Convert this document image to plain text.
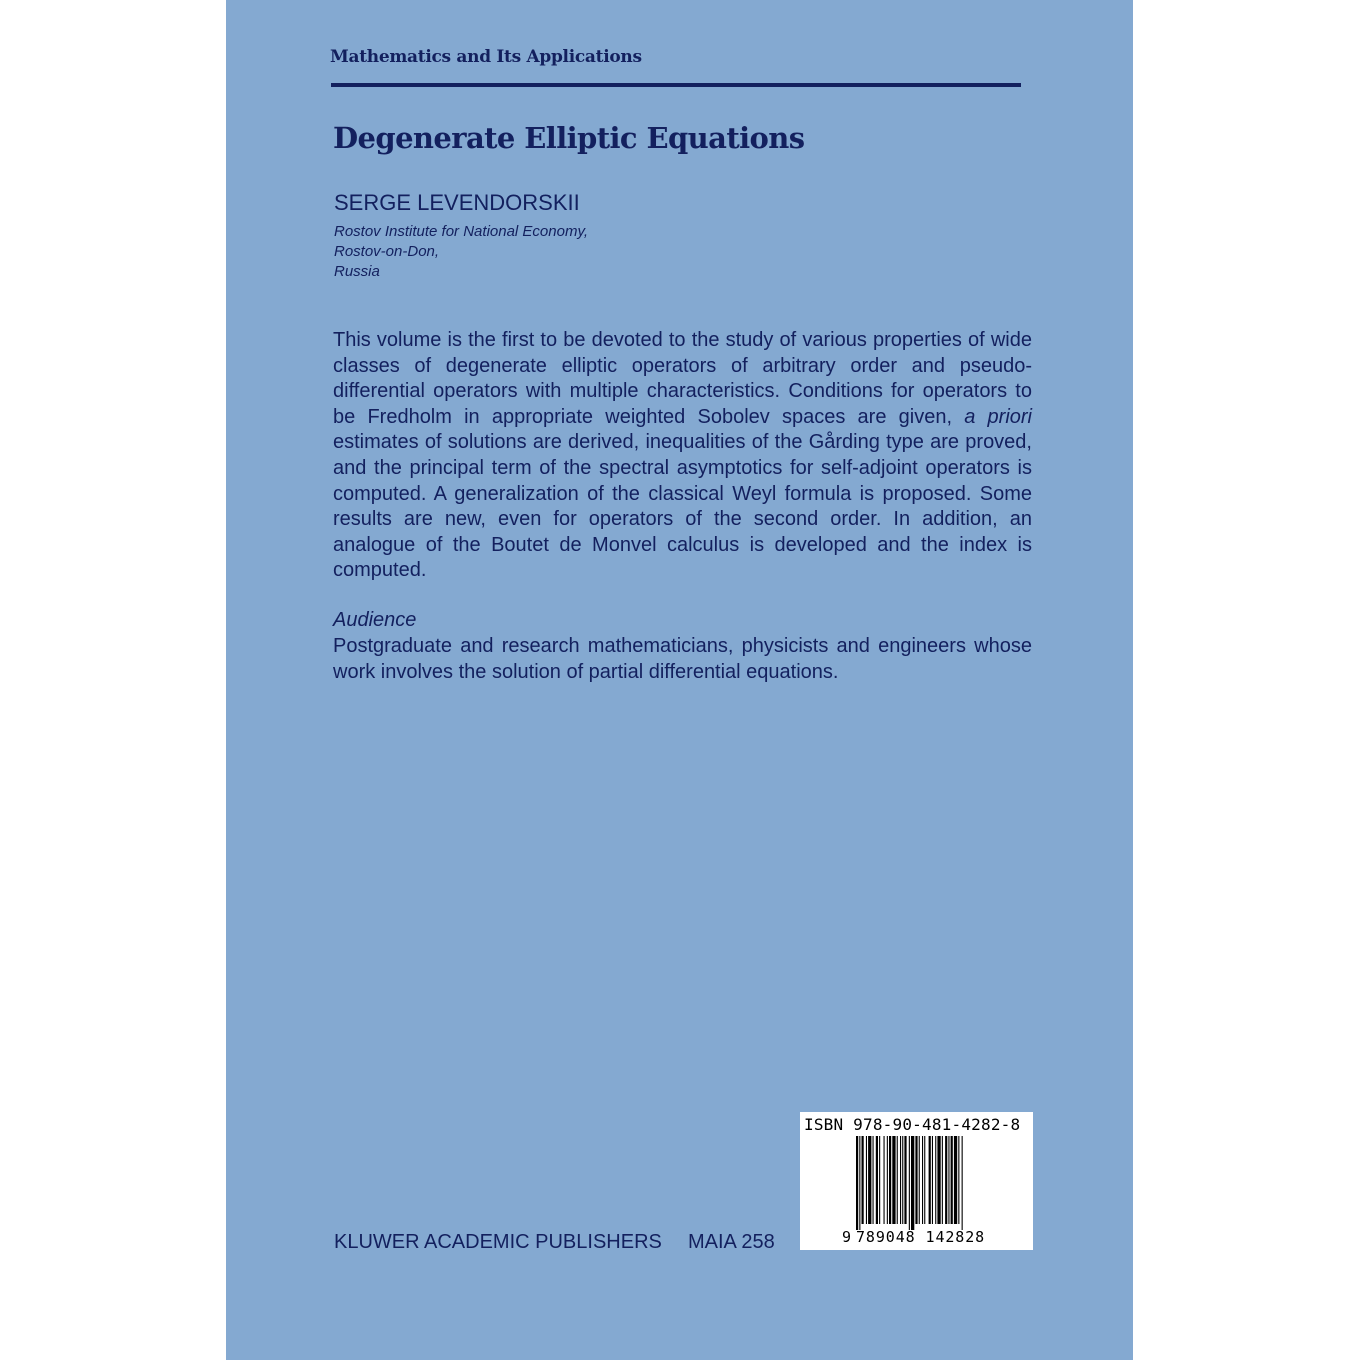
Mathematics and Its Applications
Degenerate Elliptic Equations
SERGE LEVENDORSKII
Rostov Institute for National Economy,
Rostov-on-Don,
Russia
This volume is the first to be devoted to the study of various properties of wide classes of degenerate elliptic operators of arbitrary order and pseudo-differential operators with multiple characteristics. Conditions for operators to be Fredholm in appropriate weighted Sobolev spaces are given, a priori estimates of solutions are derived, inequalities of the Gårding type are proved, and the principal term of the spectral asymptotics for self-adjoint operators is computed. A generalization of the classical Weyl formula is proposed. Some results are new, even for operators of the second order. In addition, an analogue of the Boutet de Monvel calculus is developed and the index is computed.
Audience
Postgraduate and research mathematicians, physicists and engineers whose work involves the solution of partial differential equations.
KLUWER ACADEMIC PUBLISHERS MAIA 258
ISBN 978-90-481-4282-8
9 789048 142828
